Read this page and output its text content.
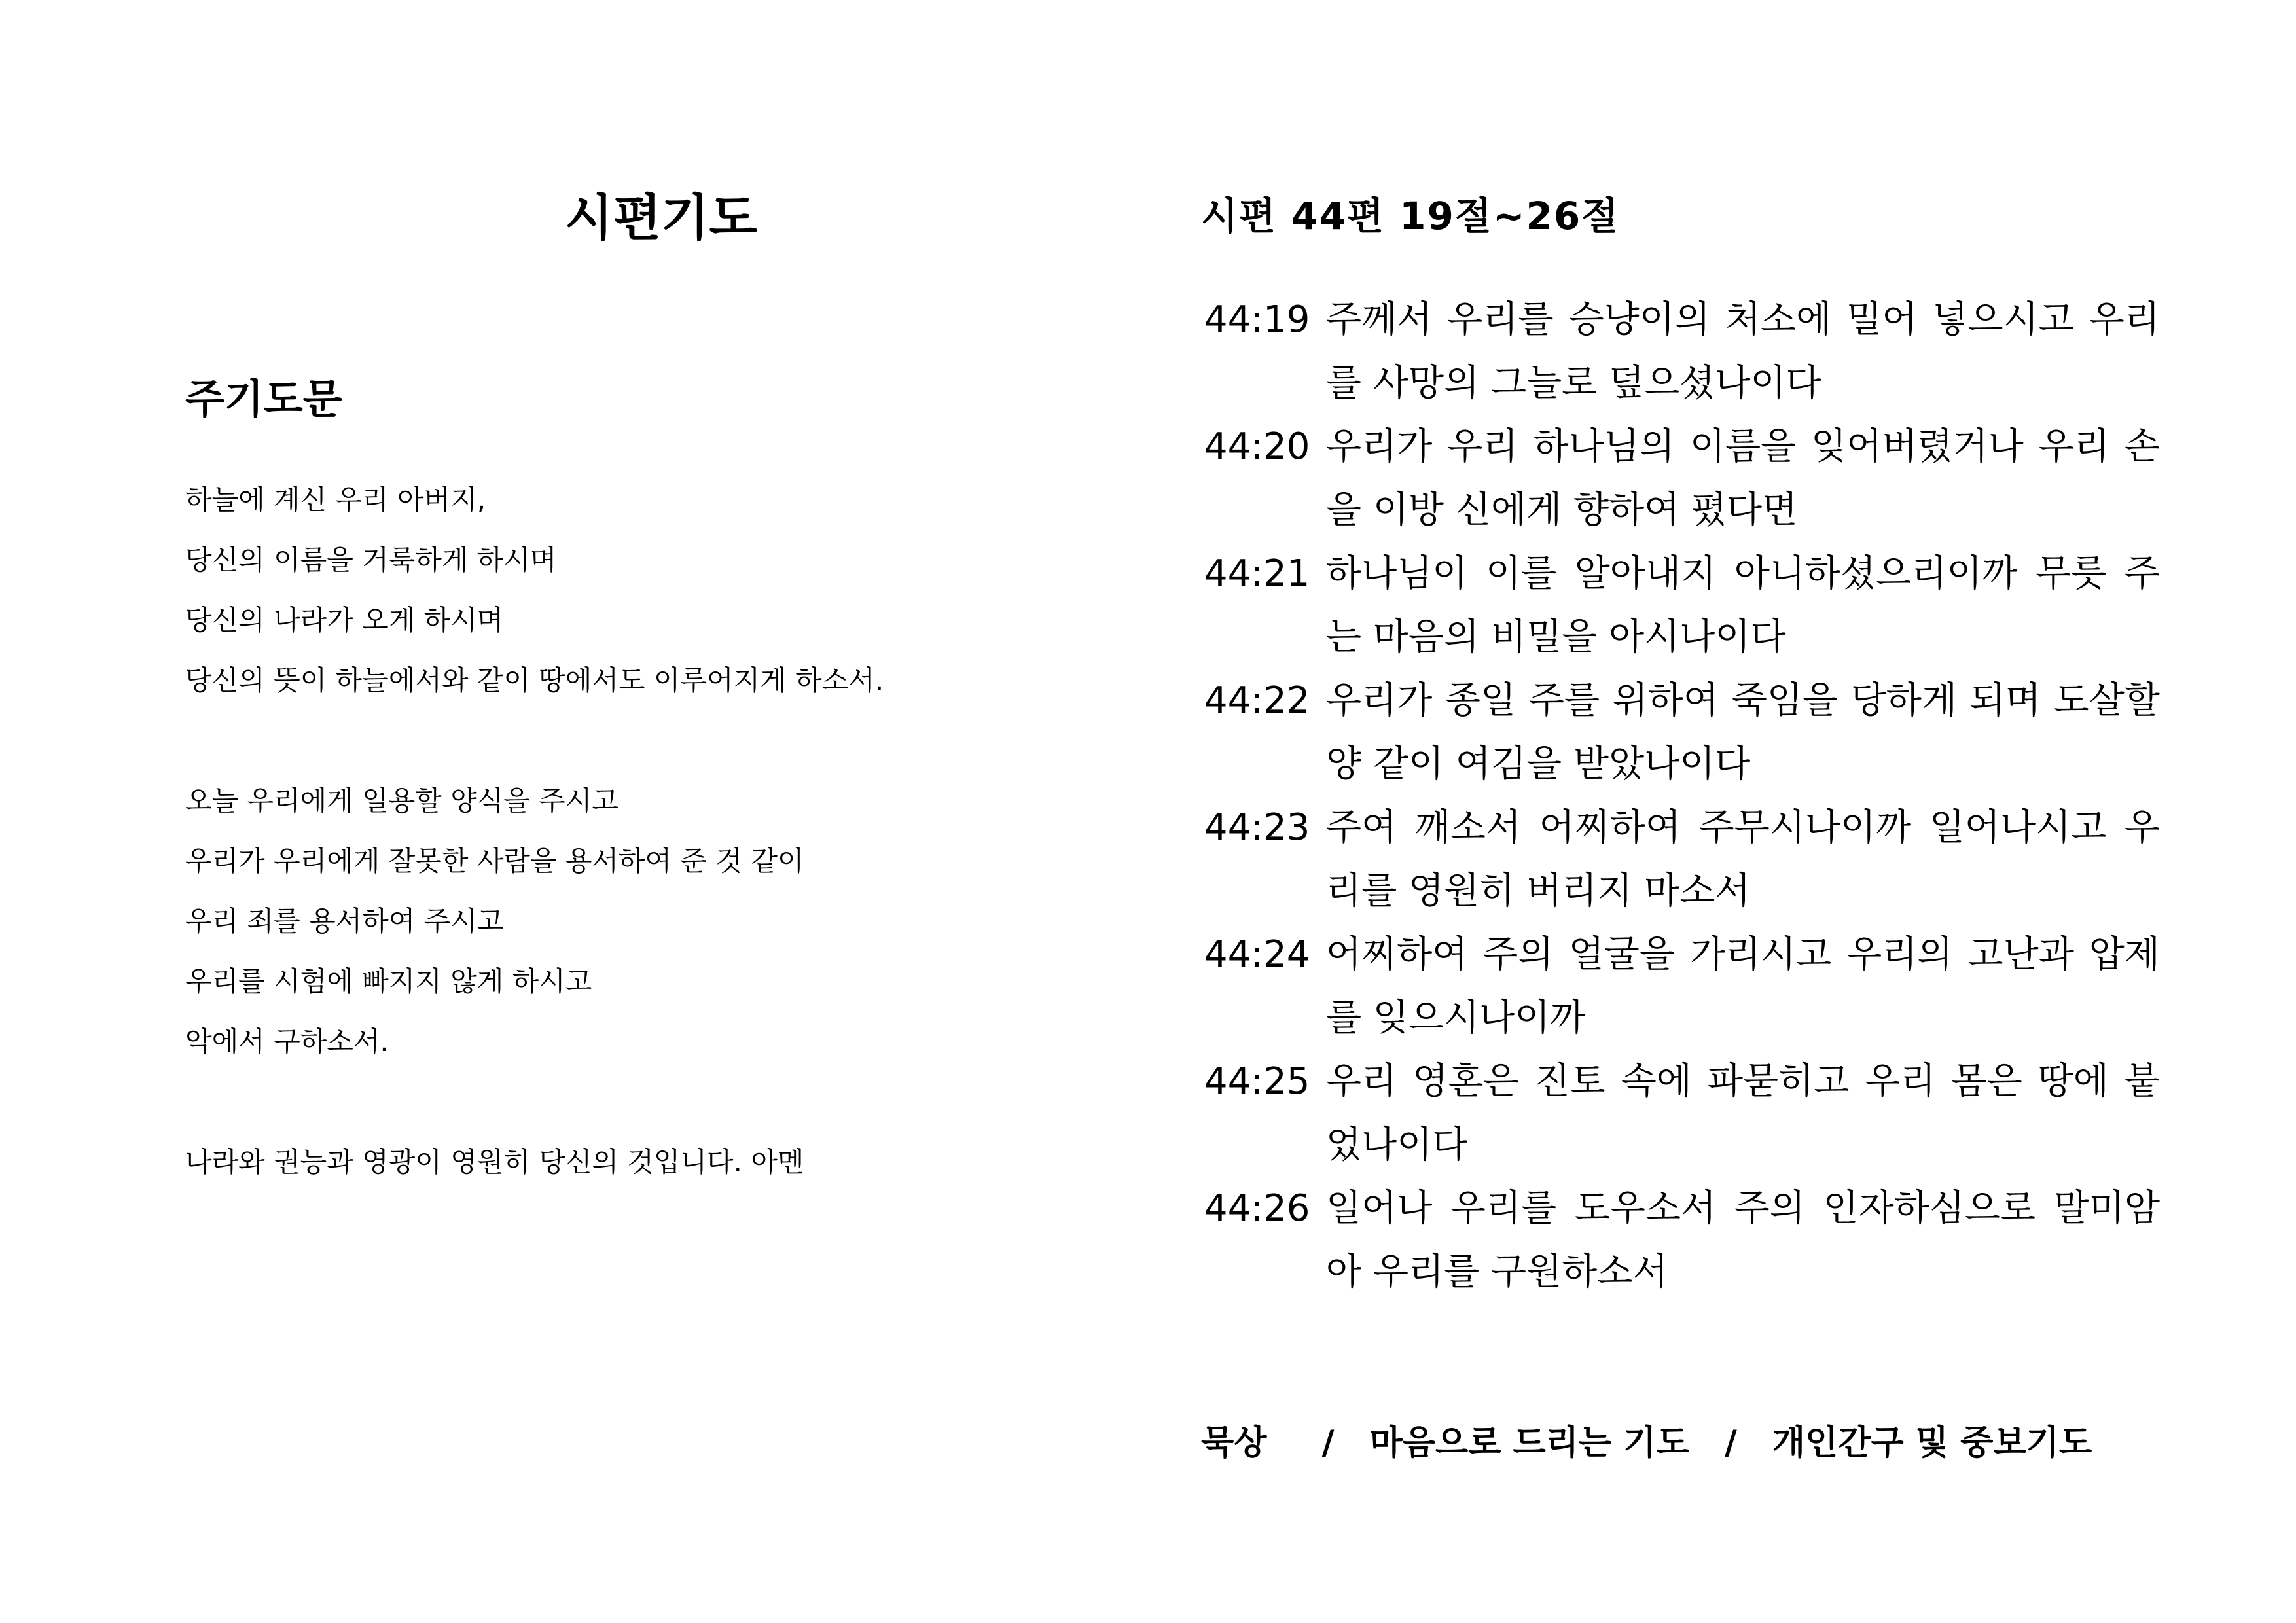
시편기도
주기도문
하늘에 계신 우리 아버지,
당신의 이름을 거룩하게 하시며
당신의 나라가 오게 하시며
당신의 뜻이 하늘에서와 같이 땅에서도 이루어지게 하소서.
오늘 우리에게 일용할 양식을 주시고
우리가 우리에게 잘못한 사람을 용서하여 준 것 같이
우리 죄를 용서하여 주시고
우리를 시험에 빠지지 않게 하시고
악에서 구하소서.
나라와 권능과 영광이 영원히 당신의 것입니다. 아멘
시편 44편 19절~26절
44:19 주께서 우리를 승냥이의 처소에 밀어 넣으시고 우리를 사망의 그늘로 덮으셨나이다
44:20 우리가 우리 하나님의 이름을 잊어버렸거나 우리 손을 이방 신에게 향하여 폈다면
44:21 하나님이 이를 알아내지 아니하셨으리이까 무릇 주는 마음의 비밀을 아시나이다
44:22 우리가 종일 주를 위하여 죽임을 당하게 되며 도살할 양 같이 여김을 받았나이다
44:23 주여 깨소서 어찌하여 주무시나이까 일어나시고 우리를 영원히 버리지 마소서
44:24 어찌하여 주의 얼굴을 가리시고 우리의 고난과 압제를 잊으시나이까
44:25 우리 영혼은 진토 속에 파묻히고 우리 몸은 땅에 붙었나이다
44:26 일어나 우리를 도우소서 주의 인자하심으로 말미암아 우리를 구원하소서
묵상	/	마음으로 드리는 기도	/	개인간구 및 중보기도
